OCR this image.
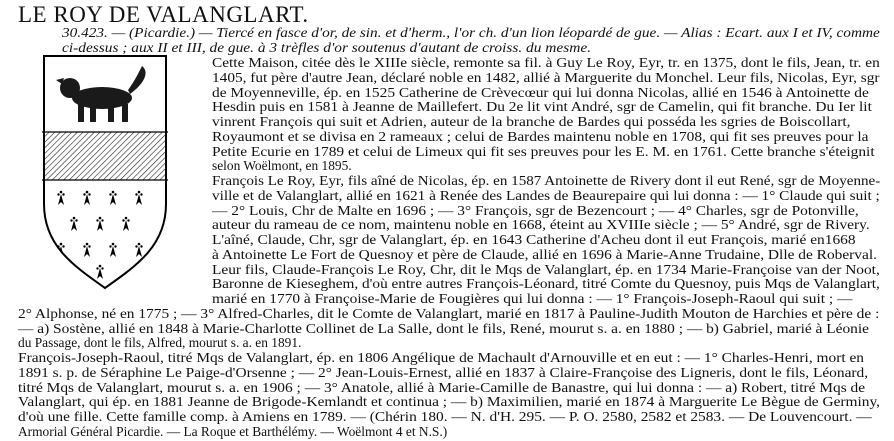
LE ROY DE VALANGLART.
30.423. — (Picardie.) — Tiercé en fasce d'or, de sin. et d'herm., l'or ch. d'un lion léopardé de gue. — Alias : Ecart. aux I et IV, comme
ci-dessus ; aux II et III, de gue. à 3 trèfles d'or soutenus d'autant de croiss. du mesme.
Cette Maison, citée dès le XIIIe siècle, remonte sa fil. à Guy Le Roy, Eyr, tr. en 1375, dont le fils, Jean, tr. en
1405, fut père d'autre Jean, déclaré noble en 1482, allié à Marguerite du Monchel. Leur fils, Nicolas, Eyr, sgr
de Moyenneville, ép. en 1525 Catherine de Crèvecœur qui lui donna Nicolas, allié en 1546 à Antoinette de
Hesdin puis en 1581 à Jeanne de Maillefert. Du 2e lit vint André, sgr de Camelin, qui fit branche. Du Ier lit
vinrent François qui suit et Adrien, auteur de la branche de Bardes qui posséda les sgries de Boiscollart,
Royaumont et se divisa en 2 rameaux ; celui de Bardes maintenu noble en 1708, qui fit ses preuves pour la
Petite Ecurie en 1789 et celui de Limeux qui fit ses preuves pour les E. M. en 1761. Cette branche s'éteignit
selon Woëlmont, en 1895.
François Le Roy, Eyr, fils aîné de Nicolas, ép. en 1587 Antoinette de Rivery dont il eut René, sgr de Moyenne-
ville et de Valanglart, allié en 1621 à Renée des Landes de Beaurepaire qui lui donna : — 1° Claude qui suit ;
— 2° Louis, Chr de Malte en 1696 ; — 3° François, sgr de Bezencourt ; — 4° Charles, sgr de Potonville,
auteur du rameau de ce nom, maintenu noble en 1668, éteint au XVIIIe siècle ; — 5° André, sgr de Rivery.
L'aîné, Claude, Chr, sgr de Valanglart, ép. en 1643 Catherine d'Acheu dont il eut François, marié en1668
à Antoinette Le Fort de Quesnoy et père de Claude, allié en 1696 à Marie-Anne Trudaine, Dlle de Roberval.
Leur fils, Claude-François Le Roy, Chr, dit le Mqs de Valanglart, ép. en 1734 Marie-Françoise van der Noot,
Baronne de Kieseghem, d'où entre autres François-Léonard, titré Comte du Quesnoy, puis Mqs de Valanglart,
marié en 1770 à Françoise-Marie de Fougières qui lui donna : — 1° François-Joseph-Raoul qui suit ; —
2° Alphonse, né en 1775 ; — 3° Alfred-Charles, dit le Comte de Valanglart, marié en 1817 à Pauline-Judith Mouton de Harchies et père de :
— a) Sostène, allié en 1848 à Marie-Charlotte Collinet de La Salle, dont le fils, René, mourut s. a. en 1880 ; — b) Gabriel, marié à Léonie
du Passage, dont le fils, Alfred, mourut s. a. en 1891.
François-Joseph-Raoul, titré Mqs de Valanglart, ép. en 1806 Angélique de Machault d'Arnouville et en eut : — 1° Charles-Henri, mort en
1891 s. p. de Séraphine Le Paige-d'Orsenne ; — 2° Jean-Louis-Ernest, allié en 1837 à Claire-Françoise des Ligneris, dont le fils, Léonard,
titré Mqs de Valanglart, mourut s. a. en 1906 ; — 3° Anatole, allié à Marie-Camille de Banastre, qui lui donna : — a) Robert, titré Mqs de
Valanglart, qui ép. en 1881 Jeanne de Brigode-Kemlandt et continua ; — b) Maximilien, marié en 1874 à Marguerite Le Bègue de Germiny,
d'où une fille. Cette famille comp. à Amiens en 1789. — (Chérin 180. — N. d'H. 295. — P. O. 2580, 2582 et 2583. — De Louvencourt. —
Armorial Général Picardie. — La Roque et Barthélémy. — Woëlmont 4 et N.S.)
